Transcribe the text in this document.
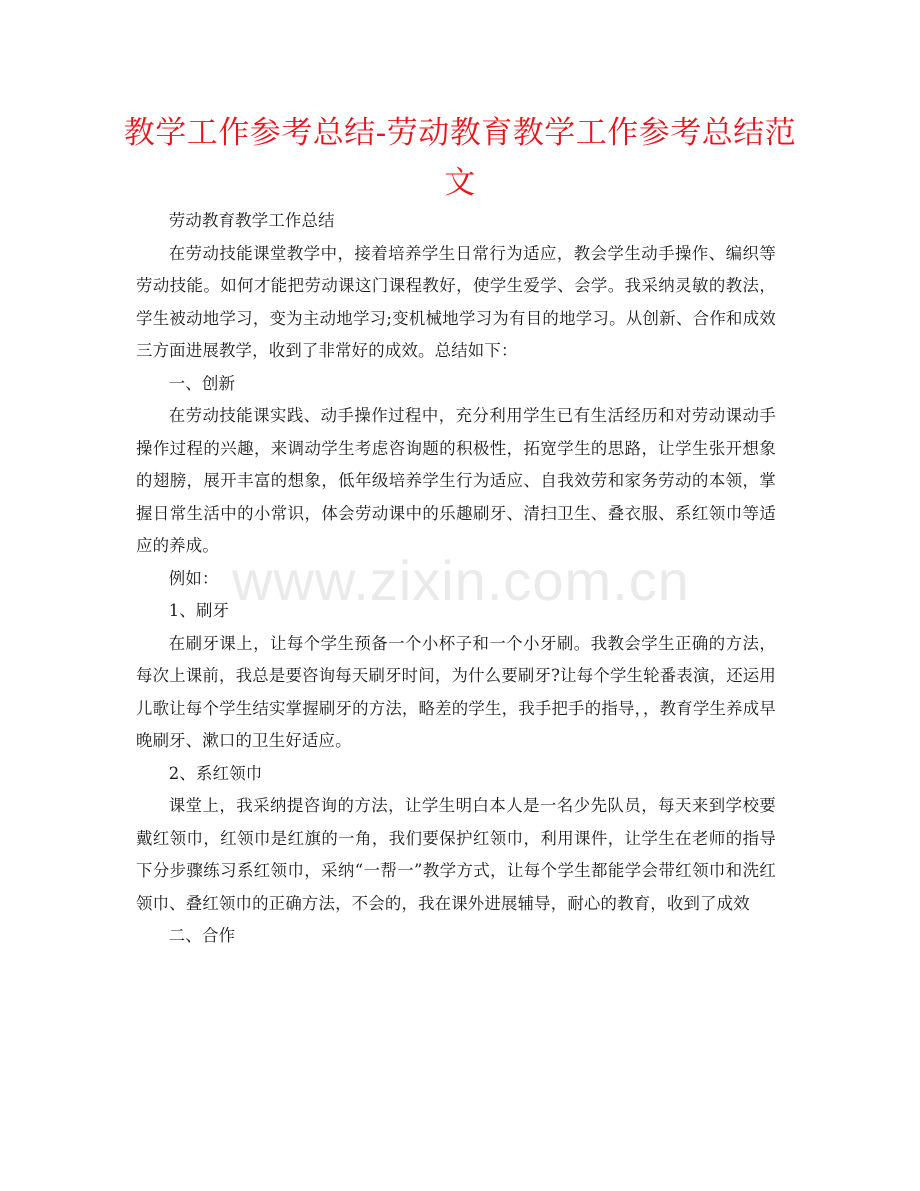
教学工作参考总结-劳动教育教学工作参考总结范文

劳动教育教学工作总结

在劳动技能课堂教学中，接着培养学生日常行为适应，教会学生动手操作、编织等劳动技能。如何才能把劳动课这门课程教好，使学生爱学、会学。我采纳灵敏的教法，学生被动地学习，变为主动地学习;变机械地学习为有目的地学习。从创新、合作和成效三方面进展教学，收到了非常好的成效。总结如下：

一、创新

在劳动技能课实践、动手操作过程中，充分利用学生已有生活经历和对劳动课动手操作过程的兴趣，来调动学生考虑咨询题的积极性，拓宽学生的思路，让学生张开想象的翅膀，展开丰富的想象，低年级培养学生行为适应、自我效劳和家务劳动的本领，掌握日常生活中的小常识，体会劳动课中的乐趣刷牙、清扫卫生、叠衣服、系红领巾等适应的养成。

例如：

1、刷牙

在刷牙课上，让每个学生预备一个小杯子和一个小牙刷。我教会学生正确的方法，每次上课前，我总是要咨询每天刷牙时间，为什么要刷牙?让每个学生轮番表演，还运用儿歌让每个学生结实掌握刷牙的方法，略差的学生，我手把手的指导，，教育学生养成早晚刷牙、漱口的卫生好适应。

2、系红领巾

课堂上，我采纳提咨询的方法，让学生明白本人是一名少先队员，每天来到学校要戴红领巾，红领巾是红旗的一角，我们要保护红领巾，利用课件，让学生在老师的指导下分步骤练习系红领巾，采纳“一帮一”教学方式，让每个学生都能学会带红领巾和洗红领巾、叠红领巾的正确方法，不会的，我在课外进展辅导，耐心的教育，收到了成效

二、合作

www.zixin.com.cn
